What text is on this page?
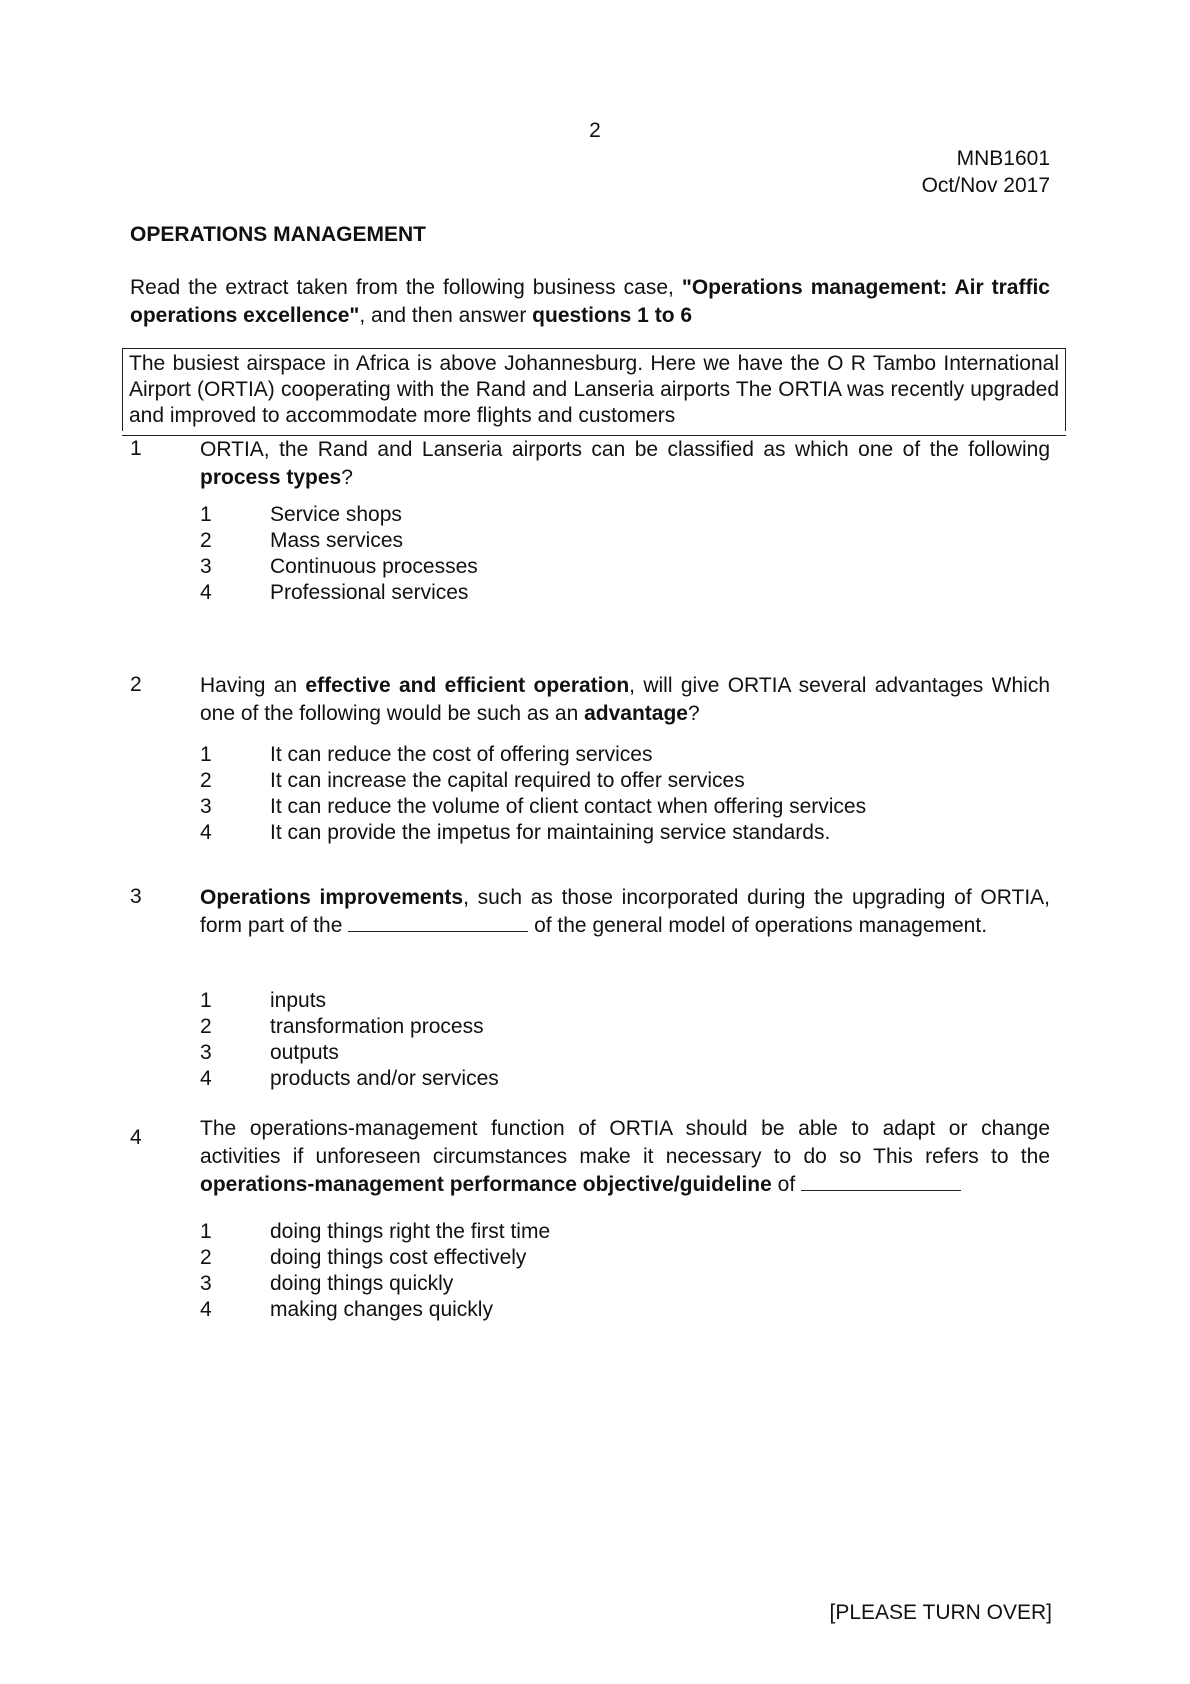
2
MNB1601
Oct/Nov 2017
OPERATIONS MANAGEMENT
Read the extract taken from the following business case, "Operations management: Air traffic operations excellence", and then answer questions 1 to 6
The busiest airspace in Africa is above Johannesburg. Here we have the O R Tambo International Airport (ORTIA) cooperating with the Rand and Lanseria airports The ORTIA was recently upgraded and improved to accommodate more flights and customers
1	ORTIA, the Rand and Lanseria airports can be classified as which one of the following process types?
1	Service shops
2	Mass services
3	Continuous processes
4	Professional services
2	Having an effective and efficient operation, will give ORTIA several advantages Which one of the following would be such as an advantage?
1	It can reduce the cost of offering services
2	It can increase the capital required to offer services
3	It can reduce the volume of client contact when offering services
4	It can provide the impetus for maintaining service standards.
3	Operations improvements, such as those incorporated during the upgrading of ORTIA, form part of the	of the general model of operations management.
1	inputs
2	transformation process
3	outputs
4	products and/or services
4	The operations-management function of ORTIA should be able to adapt or change activities if unforeseen circumstances make it necessary to do so This refers to the operations-management performance objective/guideline of
1	doing things right the first time
2	doing things cost effectively
3	doing things quickly
4	making changes quickly
[PLEASE TURN OVER]
